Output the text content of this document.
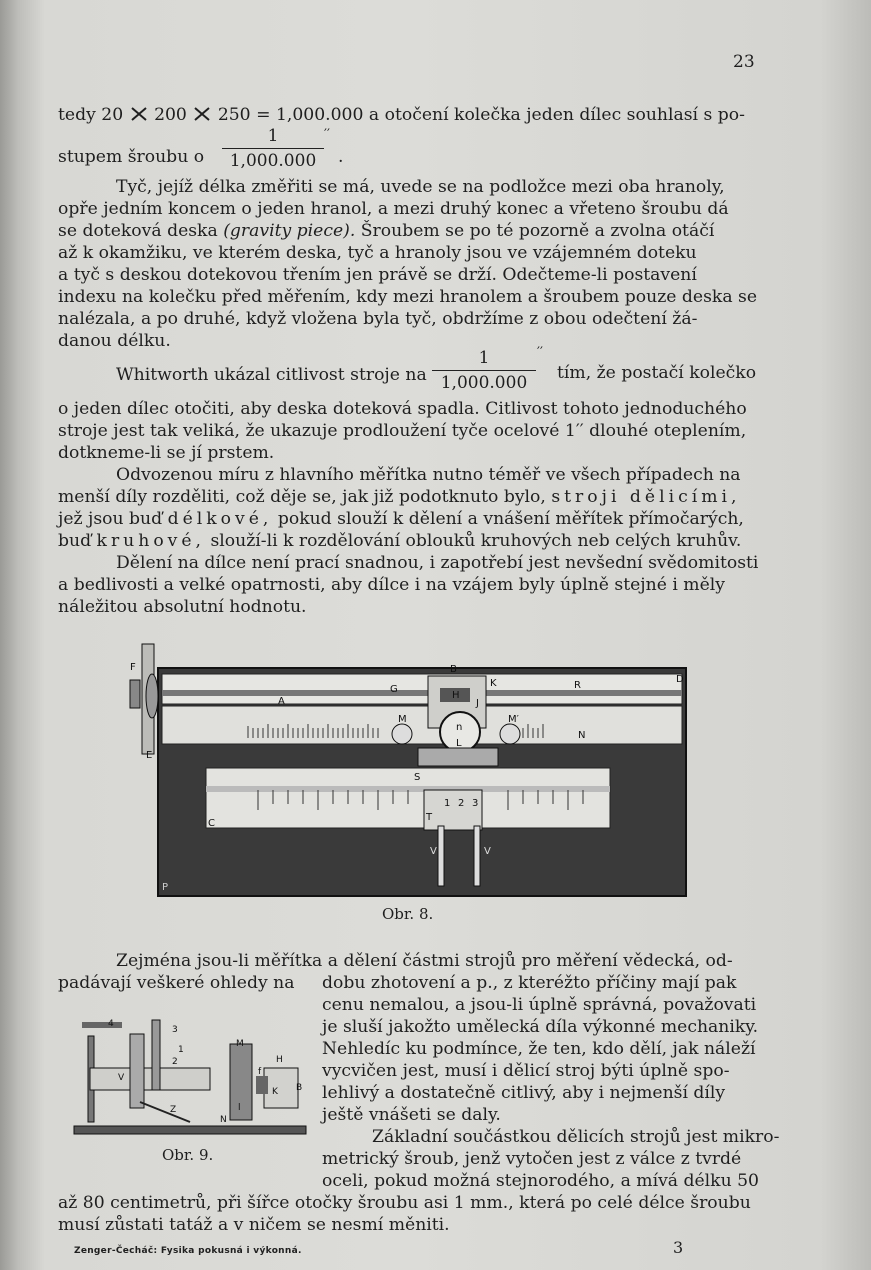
23
tedy 20 200 250 = 1,000.000 a otočení kolečka jeden dílec souhlasí s po-
stupem šroubu o
1
1,000.000
′′
.
Tyč, jejíž délka změřiti se má, uvede se na podložce mezi oba hranoly,
opře jedním koncem o jeden hranol, a mezi druhý konec a vřeteno šroubu dá
se doteková deska (gravity piece). Šroubem se po té pozorně a zvolna otáčí
až k okamžiku, ve kterém deska, tyč a hranoly jsou ve vzájemném doteku
a tyč s deskou dotekovou třením jen právě se drží. Odečteme-li postavení
indexu na kolečku před měřením, kdy mezi hranolem a šroubem pouze deska se
nalézala, a po druhé, když vložena byla tyč, obdržíme z obou odečtení žá-
danou délku.
Whitworth ukázal citlivost stroje na
1
1,000.000
′′
tím, že postačí kolečko
o jeden dílec otočiti, aby deska doteková spadla. Citlivost tohoto jednoduchého
stroje jest tak veliká, že ukazuje prodloužení tyče ocelové 1′′ dlouhé oteplením,
dotkneme-li se jí prstem.
Odvozenou míru z hlavního měřítka nutno téměř ve všech případech na
menší díly rozděliti, což děje se, jak již podotknuto bylo, stroji dělicími,
jež jsou buď délkové, pokud slouží k dělení a vnášení měřítek přímočarých,
buď kruhové, slouží-li k rozdělování oblouků kruhových neb celých kruhův.
Dělení na dílce není prací snadnou, i zapotřebí jest nevšední svědomitosti
a bedlivosti a velké opatrnosti, aby dílce i na vzájem byly úplně stejné i měly
náležitou absolutní hodnotu.
F
E
R
B
K
H
A
M	M′
N
L
n
S
T
C
D
P
V	V
1 2 3
G
J
Obr. 8.
Zejména jsou-li měřítka a dělení částmi strojů pro měření vědecká, od-
padávají veškeré ohledy na dobu zhotovení a p., z kteréžto příčiny mají pak
cenu nemalou, a jsou-li úplně správná, považovati
je sluší jakožto umělecká díla výkonné mechaniky.
Nehledíc ku podmínce, že ten, kdo dělí, jak náleží
vycvičen jest, musí i dělicí stroj býti úplně spo-
lehlivý a dostatečně citlivý, aby i nejmenší díly
ještě vnášeti se daly.
Základní součástkou dělicích strojů jest mikro-
metrický šroub, jenž vytočen jest z válce z tvrdé
oceli, pokud možná stejnorodého, a mívá délku 50
až 80 centimetrů, při šířce otočky šroubu asi 1 mm., která po celé délce šroubu
musí zůstati tatáž a v ničem se nesmí měniti.
4
3
1
2
M
H
f
K B
V
Z
N
l
Obr. 9.
Zenger-Čecháč: Fysika pokusná i výkonná.	3
